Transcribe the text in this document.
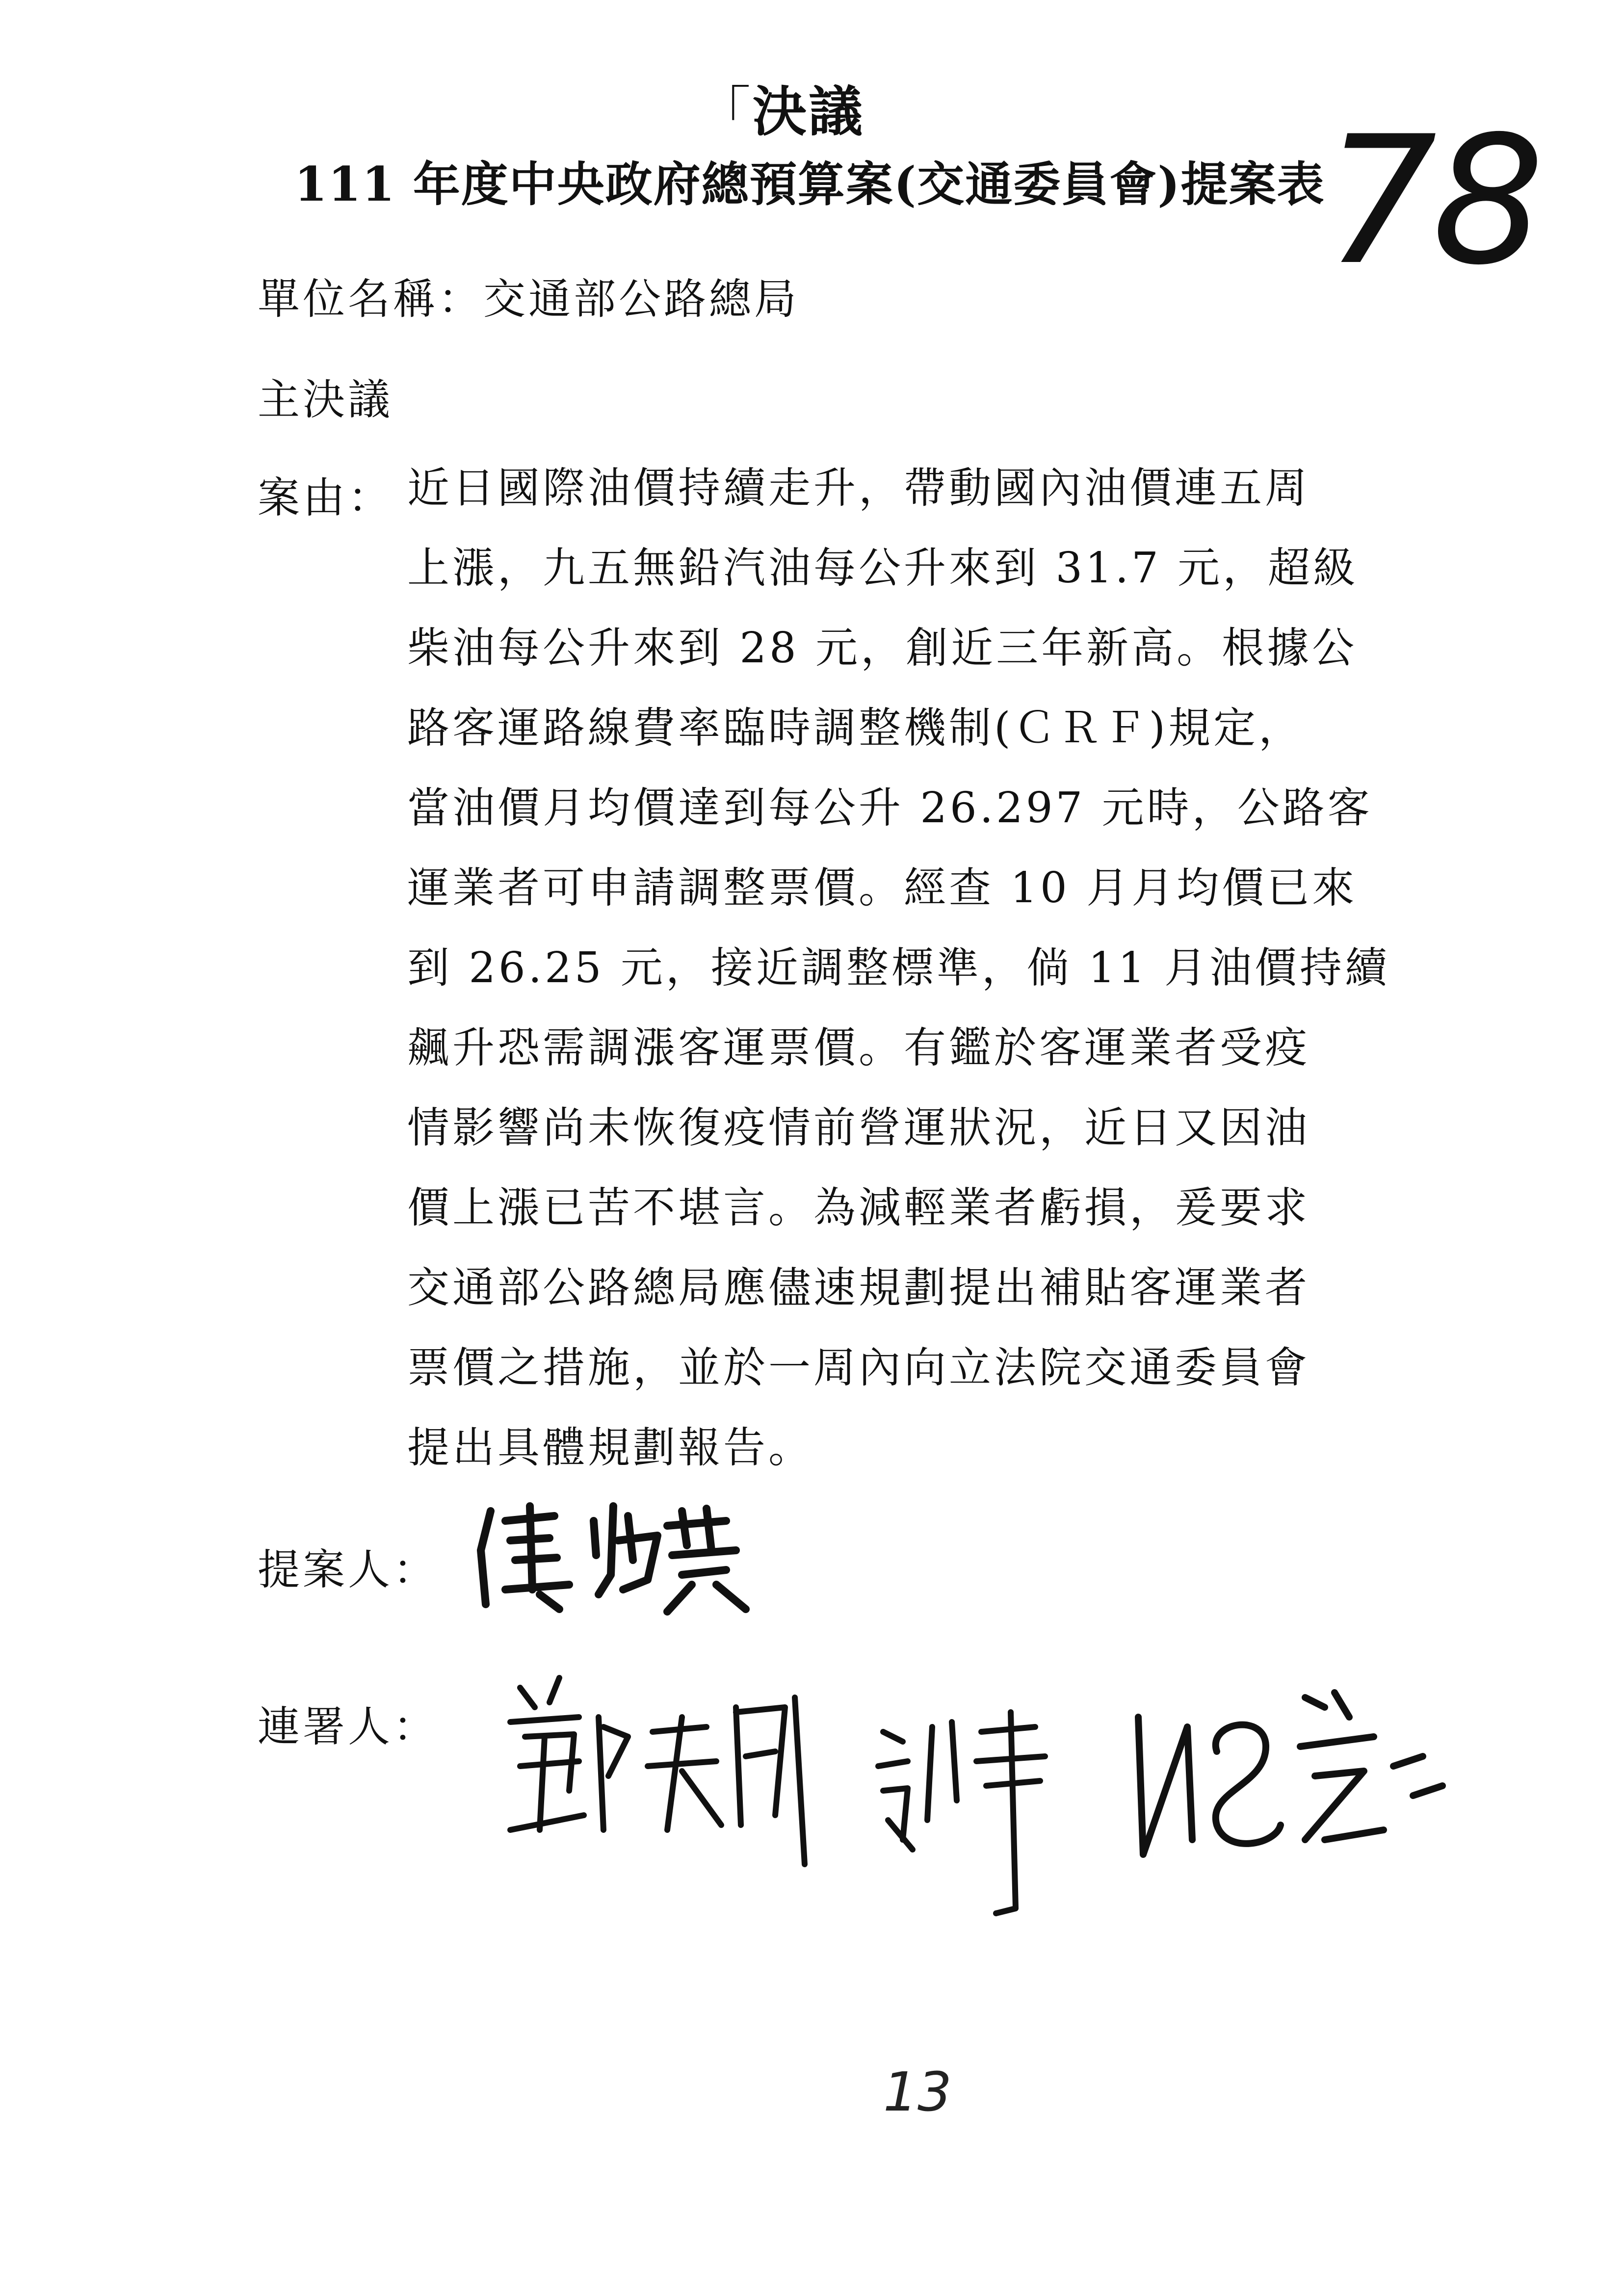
「決議
111 年度中央政府總預算案(交通委員會)提案表 78
單位名稱：交通部公路總局
主決議
案由： 近日國際油價持續走升，帶動國內油價連五周
上漲，九五無鉛汽油每公升來到 31.7 元，超級
柴油每公升來到 28 元，創近三年新高。根據公
路客運路線費率臨時調整機制(ＣＲＦ)規定，
當油價月均價達到每公升 26.297 元時，公路客
運業者可申請調整票價。經查 10 月月均價已來
到 26.25 元，接近調整標準，倘 11 月油價持續
飆升恐需調漲客運票價。有鑑於客運業者受疫
情影響尚未恢復疫情前營運狀況，近日又因油
價上漲已苦不堪言。為減輕業者虧損，爰要求
交通部公路總局應儘速規劃提出補貼客運業者
票價之措施，並於一周內向立法院交通委員會
提出具體規劃報告。
提案人：
連署人：
13
